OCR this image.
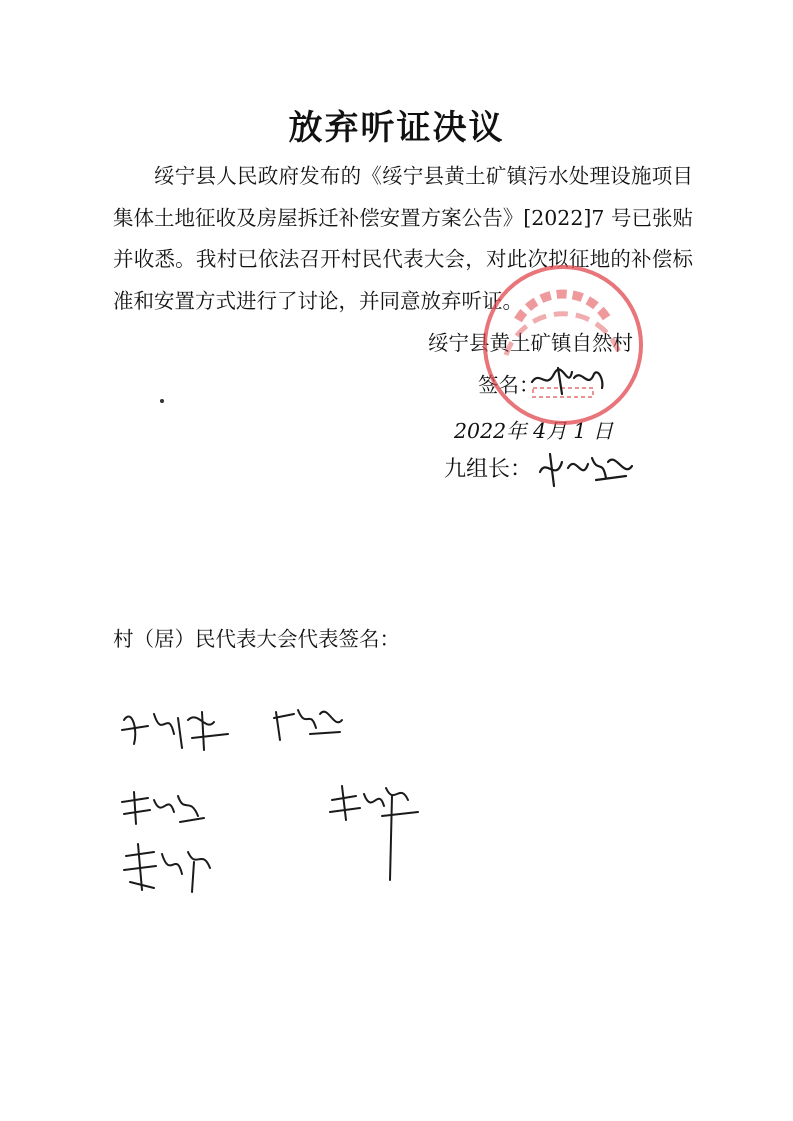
放弃听证决议

绥宁县人民政府发布的《绥宁县黄土矿镇污水处理设施项目集体土地征收及房屋拆迁补偿安置方案公告》[2022]7 号已张贴并收悉。我村已依法召开村民代表大会，对此次拟征地的补偿标准和安置方式进行了讨论，并同意放弃听证。

绥宁县黄土矿镇自然村
签名：
2022年 4月 1 日
九组长：
村（居）民代表大会代表签名：
